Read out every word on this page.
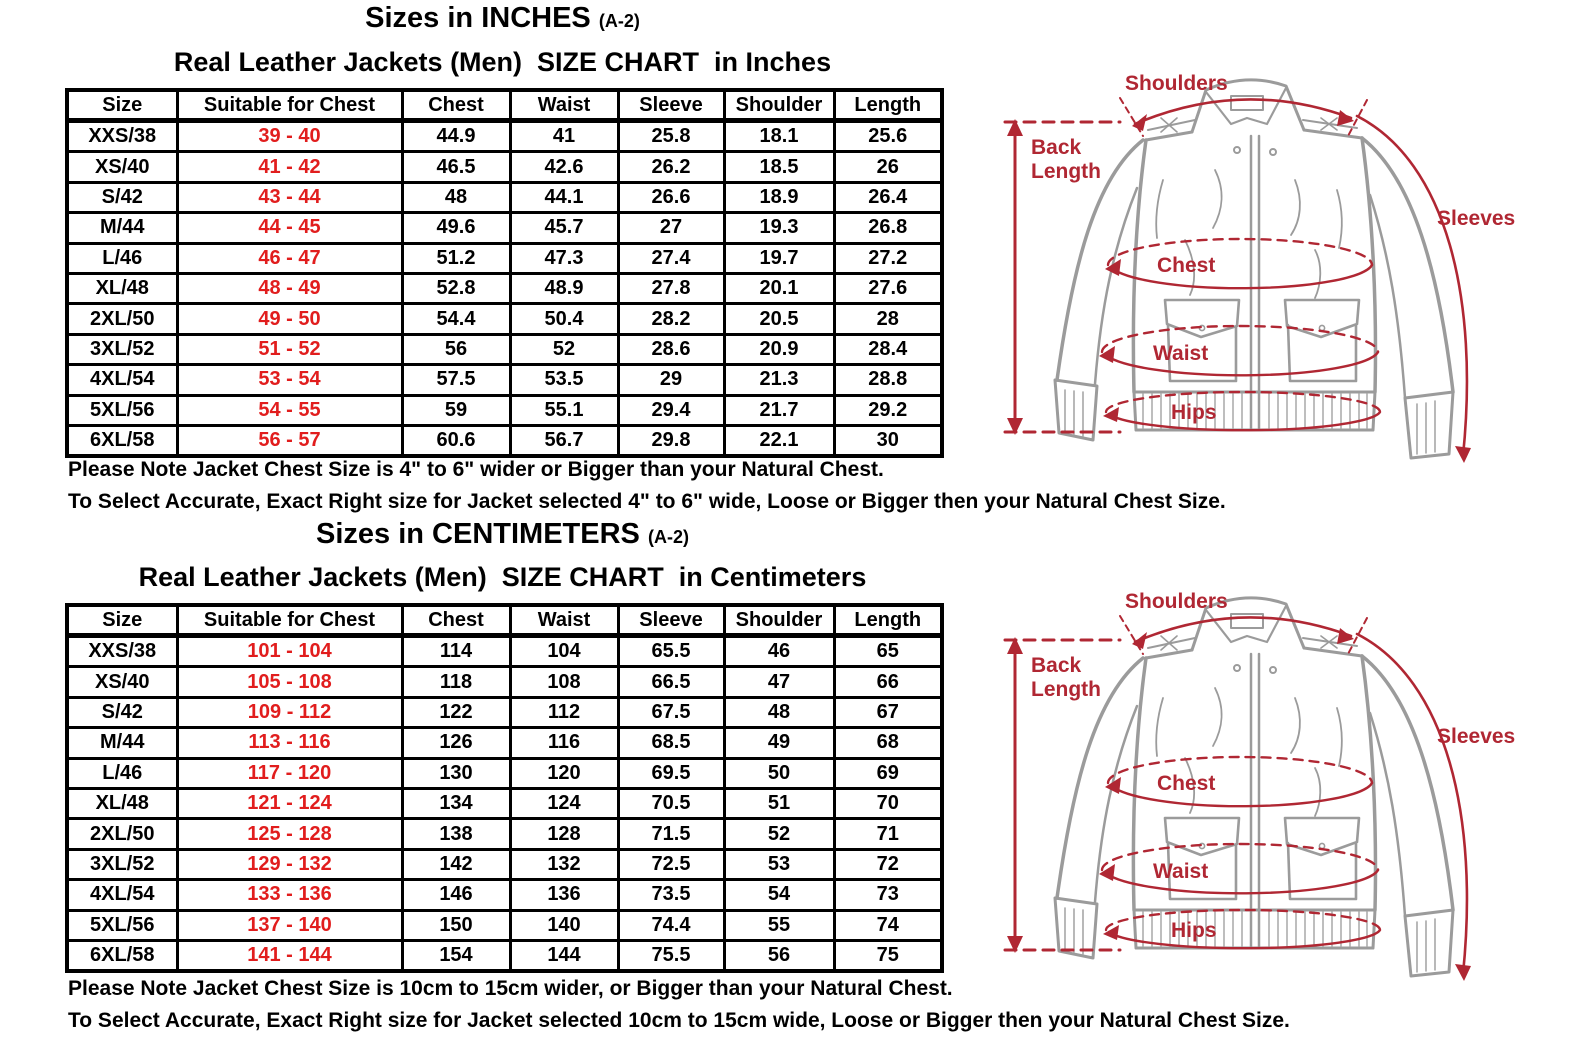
Sizes in INCHES (A-2)
Real Leather Jackets (Men)  SIZE CHART  in Inches
Size	Suitable for Chest	Chest	Waist	Sleeve	Shoulder	Length
XXS/38	39 - 40	44.9	41	25.8	18.1	25.6
XS/40	41 - 42	46.5	42.6	26.2	18.5	26
S/42	43 - 44	48	44.1	26.6	18.9	26.4
M/44	44 - 45	49.6	45.7	27	19.3	26.8
L/46	46 - 47	51.2	47.3	27.4	19.7	27.2
XL/48	48 - 49	52.8	48.9	27.8	20.1	27.6
2XL/50	49 - 50	54.4	50.4	28.2	20.5	28
3XL/52	51 - 52	56	52	28.6	20.9	28.4
4XL/54	53 - 54	57.5	53.5	29	21.3	28.8
5XL/56	54 - 55	59	55.1	29.4	21.7	29.2
6XL/58	56 - 57	60.6	56.7	29.8	22.1	30
Please Note Jacket Chest Size is 4" to 6" wider or Bigger than your Natural Chest.
To Select Accurate, Exact Right size for Jacket selected 4" to 6" wide, Loose or Bigger then your Natural Chest Size.
Shoulders
Back
Length
Sleeves
Chest
Waist
Hips
Sizes in CENTIMETERS (A-2)
Real Leather Jackets (Men)  SIZE CHART  in Centimeters
Size	Suitable for Chest	Chest	Waist	Sleeve	Shoulder	Length
XXS/38	101 - 104	114	104	65.5	46	65
XS/40	105 - 108	118	108	66.5	47	66
S/42	109 - 112	122	112	67.5	48	67
M/44	113 - 116	126	116	68.5	49	68
L/46	117 - 120	130	120	69.5	50	69
XL/48	121 - 124	134	124	70.5	51	70
2XL/50	125 - 128	138	128	71.5	52	71
3XL/52	129 - 132	142	132	72.5	53	72
4XL/54	133 - 136	146	136	73.5	54	73
5XL/56	137 - 140	150	140	74.4	55	74
6XL/58	141 - 144	154	144	75.5	56	75
Please Note Jacket Chest Size is 10cm to 15cm wider, or Bigger than your Natural Chest.
To Select Accurate, Exact Right size for Jacket selected 10cm to 15cm wide, Loose or Bigger then your Natural Chest Size.
Shoulders
Back
Length
Sleeves
Chest
Waist
Hips
